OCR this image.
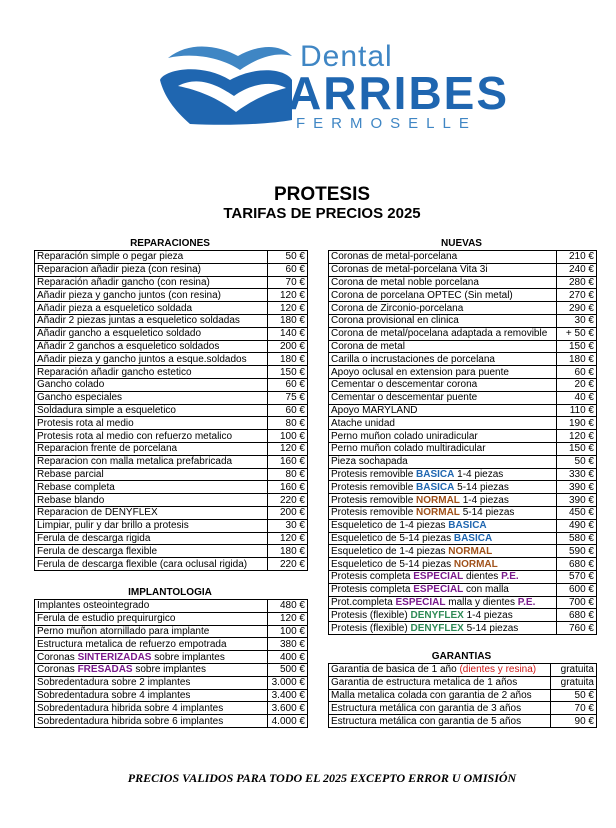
Dental
ARRIBES
FERMOSELLE
PROTESIS
TARIFAS DE PRECIOS 2025
REPARACIONES
Reparación simple o pegar pieza	50 €
Reparacion añadir pieza (con resina)	60 €
Reparación añadir gancho (con resina)	70 €
Añadir pieza y gancho juntos (con resina)	120 €
Añadir pieza a esqueletico soldada	120 €
Añadir 2 piezas juntas a esqueletico soldadas	180 €
Añadir gancho a esqueletico soldado	140 €
Añadir 2 ganchos a esqueletico soldados	200 €
Añadir pieza y gancho juntos a esque.soldados	180 €
Reparación añadir gancho estetico	150 €
Gancho colado	60 €
Gancho especiales	75 €
Soldadura simple a esqueletico	60 €
Protesis rota al medio	80 €
Protesis rota al medio con refuerzo metalico	100 €
Reparacion frente de porcelana	120 €
Reparacion con malla metalica prefabricada	160 €
Rebase parcial	80 €
Rebase completa	160 €
Rebase blando	220 €
Reparacion de DENYFLEX	200 €
Limpiar, pulir y dar brillo a protesis	30 €
Ferula de descarga rigida	120 €
Ferula de descarga flexible	180 €
Ferula de descarga flexible (cara oclusal rigida)	220 €
IMPLANTOLOGIA
Implantes osteointegrado	480 €
Ferula de estudio prequirurgico	120 €
Perno muñon atornillado para implante	100 €
Estructura metalica de refuerzo empotrada	380 €
Coronas SINTERIZADAS sobre implantes	400 €
Coronas FRESADAS sobre implantes	500 €
Sobredentadura sobre 2 implantes	3.000 €
Sobredentadura sobre 4 implantes	3.400 €
Sobredentadura hibrida sobre 4 implantes	3.600 €
Sobredentadura hibrida sobre 6 implantes	4.000 €
NUEVAS
Coronas de metal-porcelana	210 €
Coronas de metal-porcelana Vita 3i	240 €
Corona de metal noble porcelana	280 €
Corona de porcelana OPTEC (Sin metal)	270 €
Corona de Zirconio-porcelana	290 €
Corona provisional en clinica	30 €
Corona de metal/pocelana adaptada a removible	+ 50 €
Corona de metal	150 €
Carilla o incrustaciones de porcelana	180 €
Apoyo oclusal en extension para puente	60 €
Cementar o descementar corona	20 €
Cementar o descementar puente	40 €
Apoyo MARYLAND	110 €
Atache unidad	190 €
Perno muñon colado uniradicular	120 €
Perno muñon colado multiradicular	150 €
Pieza sochapada	50 €
Protesis removible BASICA 1-4 piezas	330 €
Protesis removible BASICA 5-14 piezas	390 €
Protesis removible NORMAL 1-4 piezas	390 €
Protesis removible NORMAL 5-14 piezas	450 €
Esqueletico de 1-4 piezas BASICA	490 €
Esqueletico de 5-14 piezas BASICA	580 €
Esqueletico de 1-4 piezas NORMAL	590 €
Esqueletico de 5-14 piezas NORMAL	680 €
Protesis completa ESPECIAL dientes P.E.	570 €
Protesis completa ESPECIAL con malla	600 €
Prot.completa ESPECIAL malla y dientes P.E.	700 €
Protesis (flexible) DENYFLEX 1-4 piezas	680 €
Protesis (flexible) DENYFLEX 5-14 piezas	760 €
GARANTIAS
Garantia de basica de 1 año (dientes y resina)	gratuita
Garantia de estructura metalica de 1 años	gratuita
Malla metalica colada con garantia de 2 años	50 €
Estructura metálica con garantia de 3 años	70 €
Estructura metálica con garantia de 5 años	90 €
PRECIOS VALIDOS PARA TODO EL 2025 EXCEPTO ERROR U OMISIÓN
